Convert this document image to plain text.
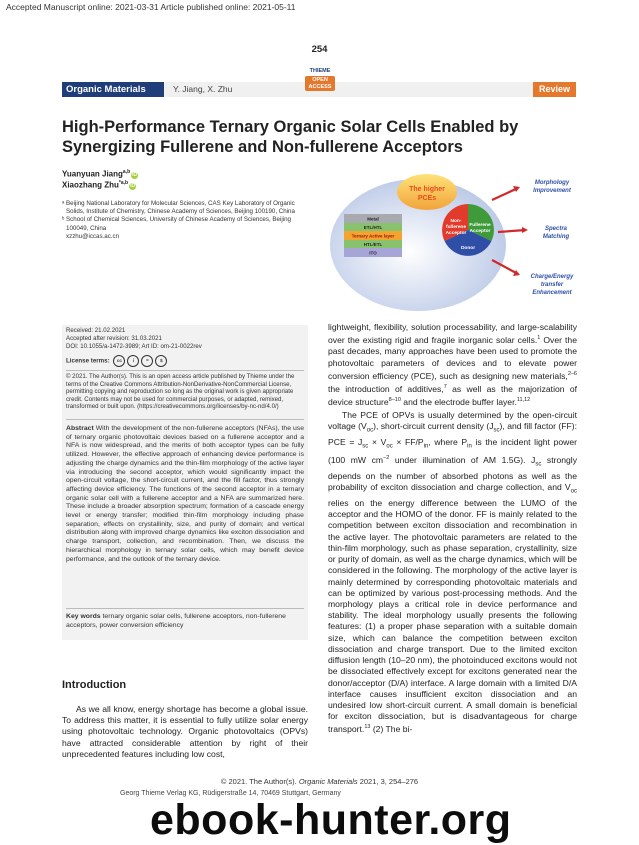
Accepted Manuscript online: 2021-03-31 Article published online: 2021-05-11
254
Organic Materials	Y. Jiang, X. Zhu
THIEME
OPEN
ACCESS	Review
High-Performance Ternary Organic Solar Cells Enabled by
Synergizing Fullerene and Non-fullerene Acceptors
Yuanyuan Jiang$^{a,b}$ iD
Xiaozhang Zhu$^{*a,b}$ iD
ᵃ Beijing National Laboratory for Molecular Sciences, CAS Key Laboratory of Organic
Solids, Institute of Chemistry, Chinese Academy of Sciences, Beijing 100190, China
ᵇ School of Chemical Sciences, University of Chinese Academy of Sciences, Beijing
100049, China
xzzhu@iccas.ac.cn
The higher
PCEs
Metal
ETL/HTL
Ternary Active layer
HTL/ETL
ITO
Non-
fullerene
Acceptor
Fullerene
Acceptor
Donor
Morphology
Improvement
Spectra
Matching
Charge/Energy
transfer
Enhancement
Received: 21.02.2021
Accepted after revision: 31.03.2021
DOI: 10.1055/a-1472-3989; Art ID: om-21-0022rev
License terms: cc i	=	$
© 2021. The Author(s). This is an open access article published by Thieme under the
terms of the Creative Commons Attribution-NonDerivative-NonCommercial License,
permitting copying and reproduction so long as the original work is given appropriate
credit. Contents may not be used for commercial purposes, or adapted, remixed,
transformed or built upon. (https://creativecommons.org/licenses/by-nc-nd/4.0/)
Abstract With the development of the non-fullerene acceptors (NFAs), the use of ternary organic photovoltaic devices based on a fullerene acceptor and a NFA is now widespread, and the merits of both acceptor types can be fully utilized. However, the effective approach of enhancing device performance is adjusting the charge dynamics and the thin-film morphology of the active layer via introducing the second acceptor, which would significantly impact the open-circuit voltage, the short-circuit current, and the fill factor, thus strongly affecting device efficiency. The functions of the second acceptor in a ternary organic solar cell with a fullerene acceptor and a NFA are summarized here. These include a broader absorption spectrum; formation of a cascade energy level or energy transfer; modified thin-film morphology including phase separation, effects on crystallinity, size, and purity of domain; and vertical distribution along with improved charge dynamics like exciton dissociation and charge transport, collection, and recombination. Then, we discuss the hierarchical morphology in ternary solar cells, which may benefit device performance, and the outlook of the ternary device.
Key words ternary organic solar cells, fullerene acceptors, non-fullerene acceptors, power conversion efficiency
Introduction

As we all know, energy shortage has become a global issue. To address this matter, it is essential to fully utilize solar energy using photovoltaic technology. Organic photovoltaics (OPVs) have attracted considerable attention by right of their unprecedented features including low cost,

lightweight, flexibility, solution processability, and large-scalability over the existing rigid and fragile inorganic solar cells.$^1$ Over the past decades, many approaches have been used to promote the photovoltaic parameters of devices and to elevate power conversion efficiency (PCE), such as designing new materials,$^{2-6}$ the introduction of additives,$^7$ as well as the majorization of device structure$^{8-10}$ and the electrode buffer layer.$^{11,12}$

The PCE of OPVs is usually determined by the open-circuit voltage $(V_{oc})$, short-circuit current density $(J_{sc})$, and fill factor (FF): PCE = $J_{sc} \times V_{oc} \times FF/P_{in}$, where $P_{in}$ is the incident light power (100 mW $cm^{-2}$ under illumination of AM 1.5G). $J_{sc}$ strongly depends on the number of absorbed photons as well as the probability of exciton dissociation and charge collection, and $V_{oc}$ relies on the energy difference between the LUMO of the acceptor and the HOMO of the donor. FF is mainly related to the competition between exciton dissociation and recombination in the active layer. The photovoltaic parameters are related to the thin-film morphology, such as phase separation, crystallinity, size or purity of domain, as well as the charge dynamics, which will be considered in the following. The morphology of the active layer is mainly determined by corresponding photovoltaic materials and can be optimized by various post-processing methods. And the morphology plays a critical role in device performance and stability. The ideal morphology usually presents the following features: (1) a proper phase separation with a suitable domain size, which can balance the competition between exciton dissociation and charge transport. Due to the limited exciton diffusion length (10–20 nm), the photoinduced excitons would not be dissociated effectively except for excitons generated near the donor/acceptor (D/A) interface. A large domain with a limited D/A interface causes insufficient exciton dissociation and an undesired low short-circuit current. A small domain is beneficial for exciton dissociation, but is disadvantageous for charge transport.$^{13}$ (2) The bi-

© 2021. The Author(s). Organic Materials 2021, 3, 254–276
Georg Thieme Verlag KG, Rüdigerstraße 14, 70469 Stuttgart, Germany
ebook-hunter.org
